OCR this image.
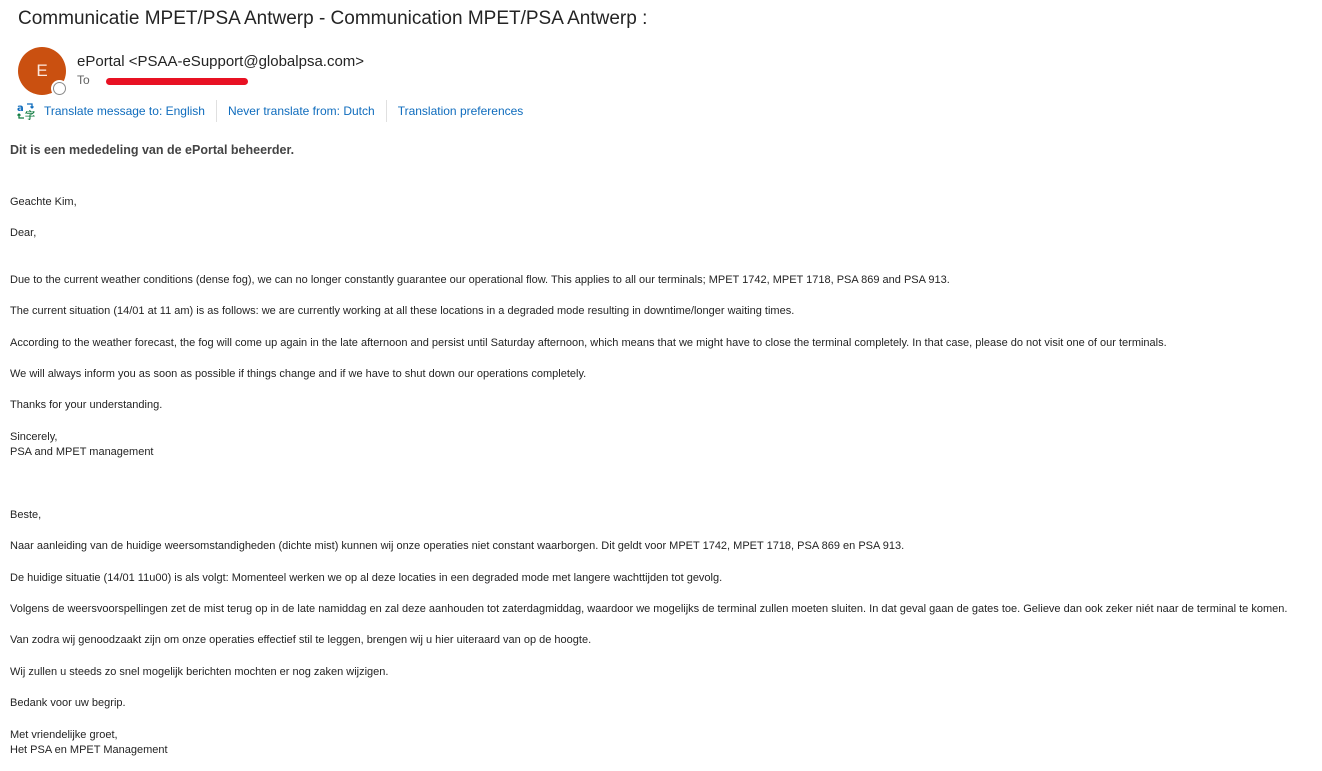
Communicatie MPET/PSA Antwerp - Communication MPET/PSA Antwerp :
E ePortal <PSAA-eSupport@globalpsa.com>
To
a
字 Translate message to: English Never translate from: Dutch Translation preferences
Dit is een mededeling van de ePortal beheerder.
Geachte Kim,
Dear,
Due to the current weather conditions (dense fog), we can no longer constantly guarantee our operational flow. This applies to all our terminals; MPET 1742, MPET 1718, PSA 869 and PSA 913.
The current situation (14/01 at 11 am) is as follows: we are currently working at all these locations in a degraded mode resulting in downtime/longer waiting times.
According to the weather forecast, the fog will come up again in the late afternoon and persist until Saturday afternoon, which means that we might have to close the terminal completely. In that case, please do not visit one of our terminals.
We will always inform you as soon as possible if things change and if we have to shut down our operations completely.
Thanks for your understanding.
Sincerely,
PSA and MPET management
Beste,
Naar aanleiding van de huidige weersomstandigheden (dichte mist) kunnen wij onze operaties niet constant waarborgen. Dit geldt voor MPET 1742, MPET 1718, PSA 869 en PSA 913.
De huidige situatie (14/01 11u00) is als volgt: Momenteel werken we op al deze locaties in een degraded mode met langere wachttijden tot gevolg.
Volgens de weersvoorspellingen zet de mist terug op in de late namiddag en zal deze aanhouden tot zaterdagmiddag, waardoor we mogelijks de terminal zullen moeten sluiten. In dat geval gaan de gates toe. Gelieve dan ook zeker niét naar de terminal te komen.
Van zodra wij genoodzaakt zijn om onze operaties effectief stil te leggen, brengen wij u hier uiteraard van op de hoogte.
Wij zullen u steeds zo snel mogelijk berichten mochten er nog zaken wijzigen.
Bedank voor uw begrip.
Met vriendelijke groet,
Het PSA en MPET Management
